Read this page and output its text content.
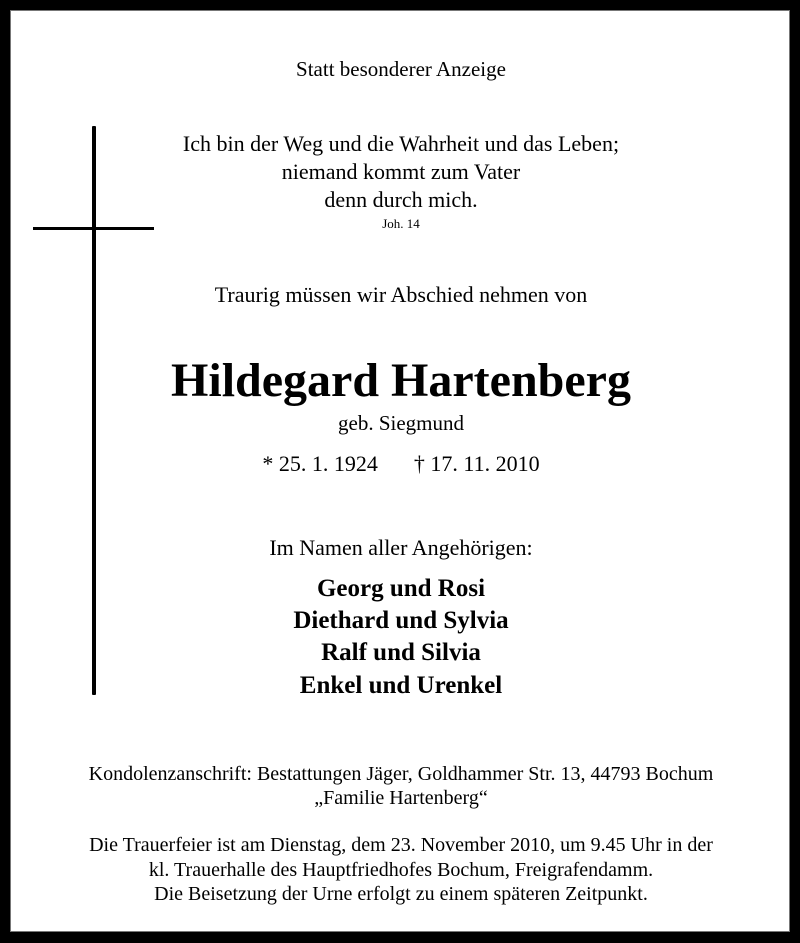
Statt besonderer Anzeige
Ich bin der Weg und die Wahrheit und das Leben;
niemand kommt zum Vater
denn durch mich.
Joh. 14
Traurig müssen wir Abschied nehmen von
Hildegard Hartenberg
geb. Siegmund
* 25. 1. 1924 † 17. 11. 2010
Im Namen aller Angehörigen:
Georg und Rosi
Diethard und Sylvia
Ralf und Silvia
Enkel und Urenkel
Kondolenzanschrift: Bestattungen Jäger, Goldhammer Str. 13, 44793 Bochum
„Familie Hartenberg“
Die Trauerfeier ist am Dienstag, dem 23. November 2010, um 9.45 Uhr in der
kl. Trauerhalle des Hauptfriedhofes Bochum, Freigrafendamm.
Die Beisetzung der Urne erfolgt zu einem späteren Zeitpunkt.
